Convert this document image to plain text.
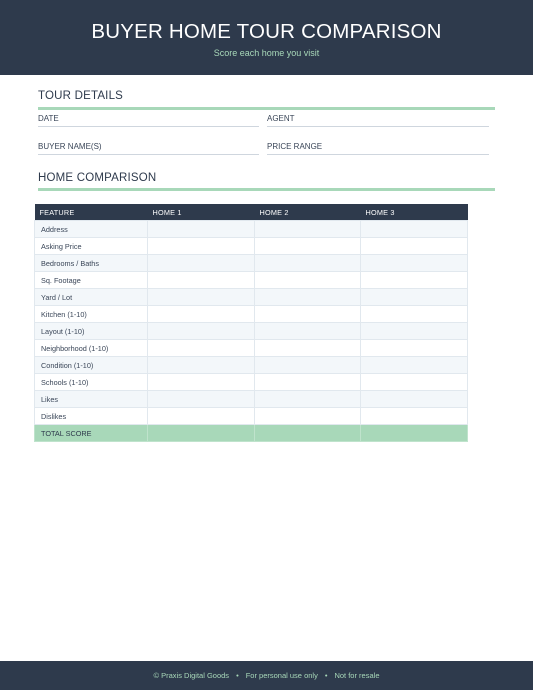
BUYER HOME TOUR COMPARISON
Score each home you visit
TOUR DETAILS
DATE	AGENT
BUYER NAME(S)	PRICE RANGE
HOME COMPARISON
FEATURE	HOME 1	HOME 2	HOME 3
Address			
Asking Price			
Bedrooms / Baths			
Sq. Footage			
Yard / Lot			
Kitchen (1-10)			
Layout (1-10)			
Neighborhood (1-10)			
Condition (1-10)			
Schools (1-10)			
Likes			
Dislikes			
TOTAL SCORE			
© Praxis Digital Goods • For personal use only • Not for resale
